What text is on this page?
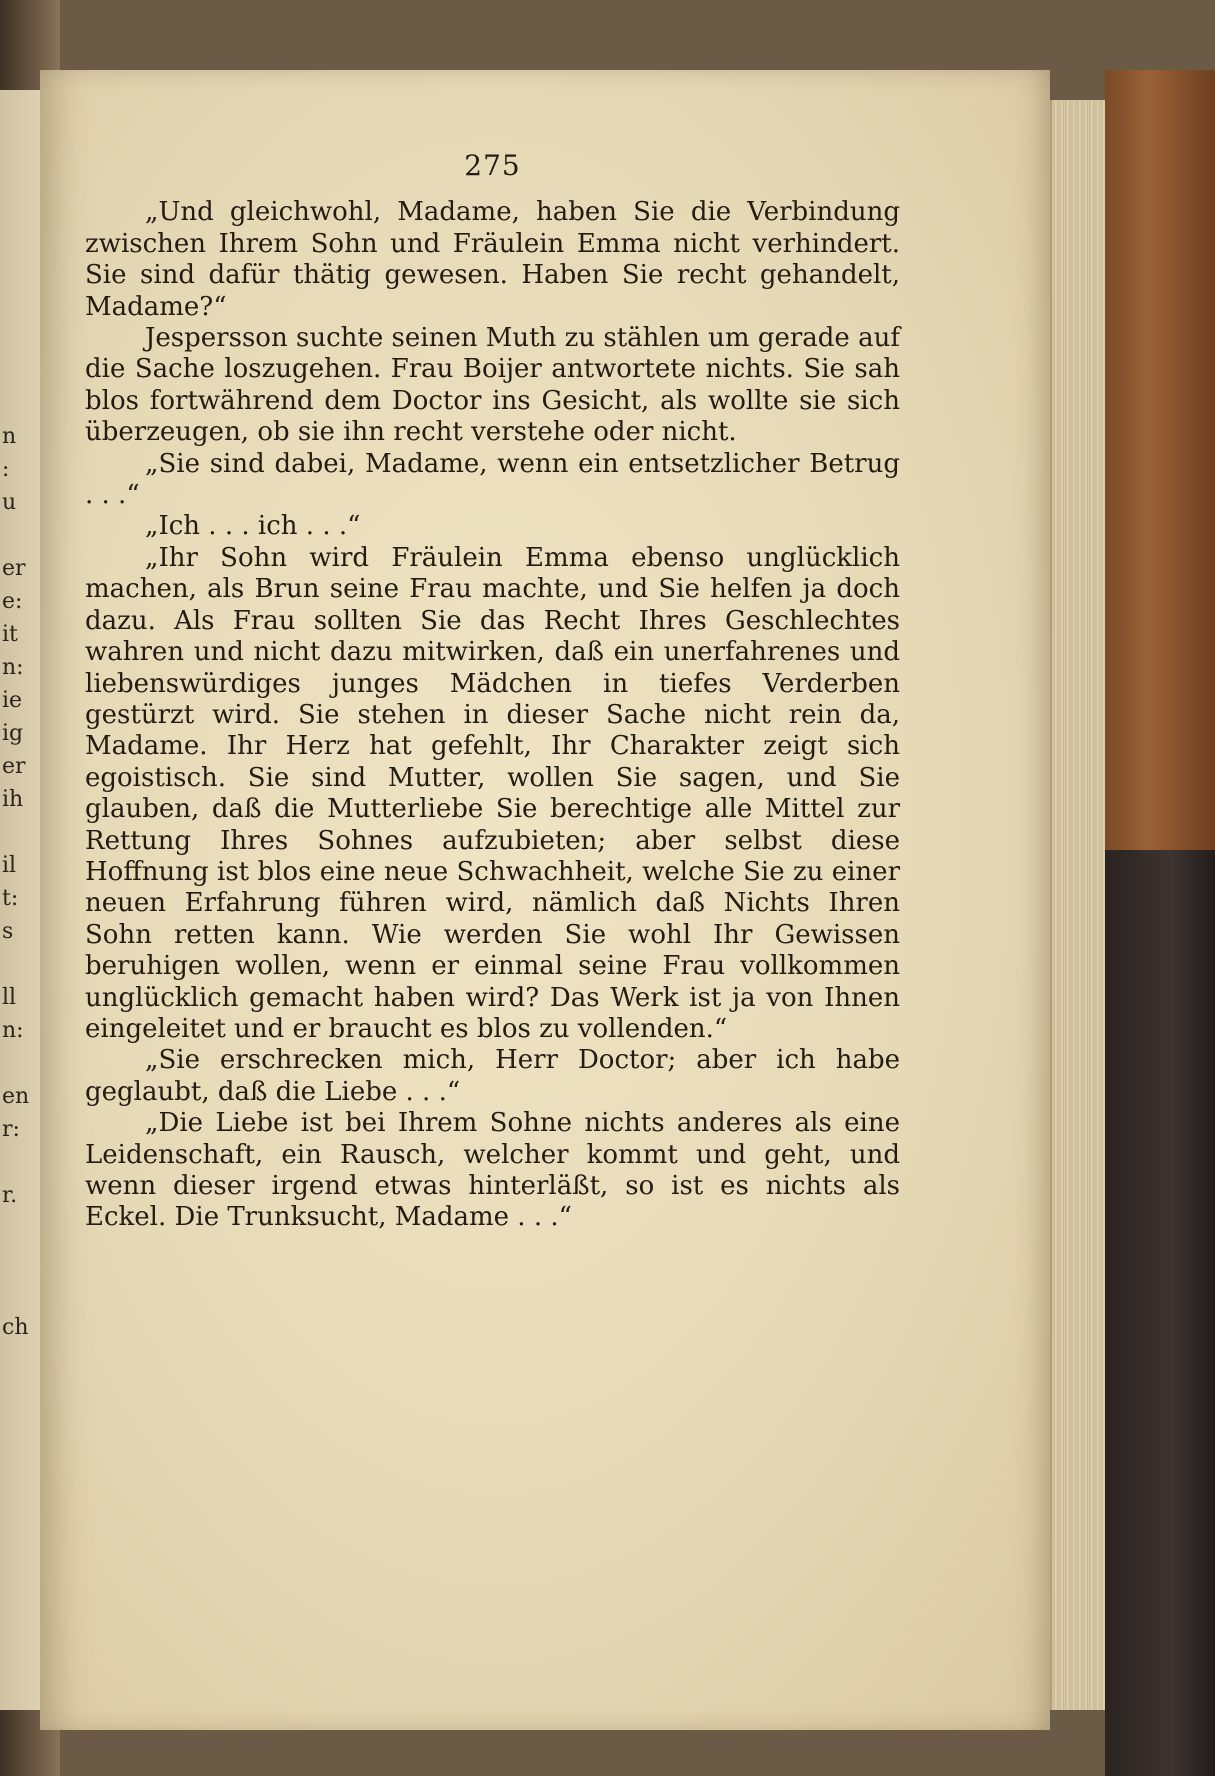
n
:
u

er
e:
it
n:
ie
ig
er
ih

il
t:
s

ll
n:

en
r:

r.

ch
275

„Und gleichwohl, Madame, haben Sie die Verbindung zwischen Ihrem Sohn und Fräulein Emma nicht verhindert. Sie sind dafür thätig gewesen. Haben Sie recht gehandelt, Madame?“

Jespersson suchte seinen Muth zu stählen um gerade auf die Sache loszugehen. Frau Boijer antwortete nichts. Sie sah blos fortwährend dem Doctor ins Gesicht, als wollte sie sich überzeugen, ob sie ihn recht verstehe oder nicht.

„Sie sind dabei, Madame, wenn ein entsetzlicher Betrug . . .“

„Ich . . . ich . . .“

„Ihr Sohn wird Fräulein Emma ebenso unglücklich machen, als Brun seine Frau machte, und Sie helfen ja doch dazu. Als Frau sollten Sie das Recht Ihres Geschlechtes wahren und nicht dazu mitwirken, daß ein unerfahrenes und liebenswürdiges junges Mädchen in tiefes Verderben gestürzt wird. Sie stehen in dieser Sache nicht rein da, Madame. Ihr Herz hat gefehlt, Ihr Charakter zeigt sich egoistisch. Sie sind Mutter, wollen Sie sagen, und Sie glauben, daß die Mutterliebe Sie berechtige alle Mittel zur Rettung Ihres Sohnes aufzubieten; aber selbst diese Hoffnung ist blos eine neue Schwachheit, welche Sie zu einer neuen Erfahrung führen wird, nämlich daß Nichts Ihren Sohn retten kann. Wie werden Sie wohl Ihr Gewissen beruhigen wollen, wenn er einmal seine Frau vollkommen unglücklich gemacht haben wird? Das Werk ist ja von Ihnen eingeleitet und er braucht es blos zu vollenden.“

„Sie erschrecken mich, Herr Doctor; aber ich habe geglaubt, daß die Liebe . . .“

„Die Liebe ist bei Ihrem Sohne nichts anderes als eine Leidenschaft, ein Rausch, welcher kommt und geht, und wenn dieser irgend etwas hinterläßt, so ist es nichts als Eckel. Die Trunksucht, Madame . . .“
